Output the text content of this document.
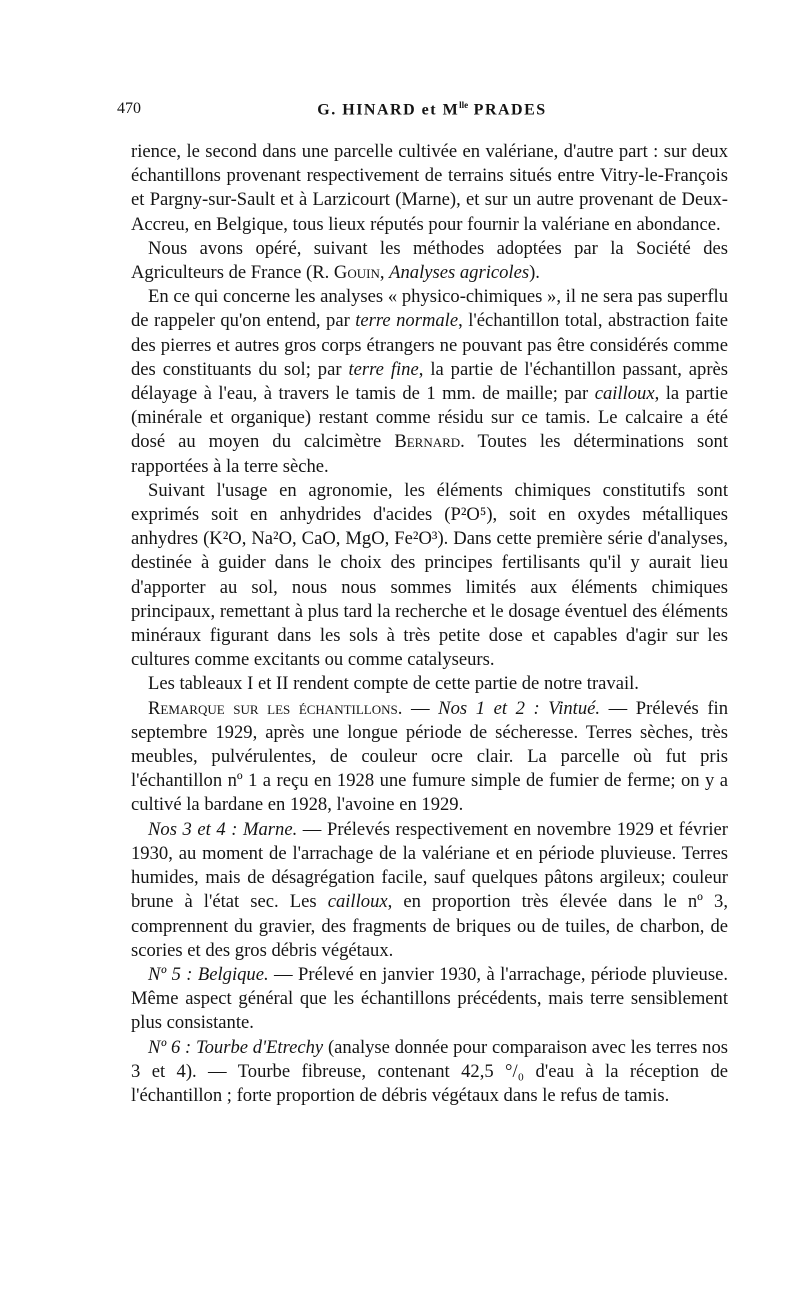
470	G. HINARD et $M^{lle}$ PRADES

rience, le second dans une parcelle cultivée en valériane, d'autre part : sur deux échantillons provenant respectivement de terrains situés entre Vitry-le-François et Pargny-sur-Sault et à Larzicourt (Marne), et sur un autre provenant de Deux-Accreu, en Belgique, tous lieux réputés pour fournir la valériane en abondance.

Nous avons opéré, suivant les méthodes adoptées par la Société des Agriculteurs de France (R. Gouin, Analyses agricoles).

En ce qui concerne les analyses « physico-chimiques », il ne sera pas superflu de rappeler qu'on entend, par terre normale, l'échantillon total, abstraction faite des pierres et autres gros corps étrangers ne pouvant pas être considérés comme des constituants du sol; par terre fine, la partie de l'échantillon passant, après délayage à l'eau, à travers le tamis de 1 mm. de maille; par cailloux, la partie (minérale et organique) restant comme résidu sur ce tamis. Le calcaire a été dosé au moyen du calcimètre Bernard. Toutes les déterminations sont rapportées à la terre sèche.

Suivant l'usage en agronomie, les éléments chimiques constitutifs sont exprimés soit en anhydrides d'acides (P²O⁵), soit en oxydes métalliques anhydres (K²O, Na²O, CaO, MgO, Fe²O³). Dans cette première série d'analyses, destinée à guider dans le choix des principes fertilisants qu'il y aurait lieu d'apporter au sol, nous nous sommes limités aux éléments chimiques principaux, remettant à plus tard la recherche et le dosage éventuel des éléments minéraux figurant dans les sols à très petite dose et capables d'agir sur les cultures comme excitants ou comme catalyseurs.

Les tableaux I et II rendent compte de cette partie de notre travail.

Remarque sur les échantillons. — Nos 1 et 2 : Vintué. — Prélevés fin septembre 1929, après une longue période de sécheresse. Terres sèches, très meubles, pulvérulentes, de couleur ocre clair. La parcelle où fut pris l'échantillon nº 1 a reçu en 1928 une fumure simple de fumier de ferme; on y a cultivé la bardane en 1928, l'avoine en 1929.

Nos 3 et 4 : Marne. — Prélevés respectivement en novembre 1929 et février 1930, au moment de l'arrachage de la valériane et en période pluvieuse. Terres humides, mais de désagrégation facile, sauf quelques pâtons argileux; couleur brune à l'état sec. Les cailloux, en proportion très élevée dans le nº 3, comprennent du gravier, des fragments de briques ou de tuiles, de charbon, de scories et des gros débris végétaux.

Nº 5 : Belgique. — Prélevé en janvier 1930, à l'arrachage, période pluvieuse. Même aspect général que les échantillons précédents, mais terre sensiblement plus consistante.

Nº 6 : Tourbe d'Etrechy (analyse donnée pour comparaison avec les terres nos 3 et 4). — Tourbe fibreuse, contenant 42,5 °/₀ d'eau à la réception de l'échantillon ; forte proportion de débris végétaux dans le refus de tamis.
